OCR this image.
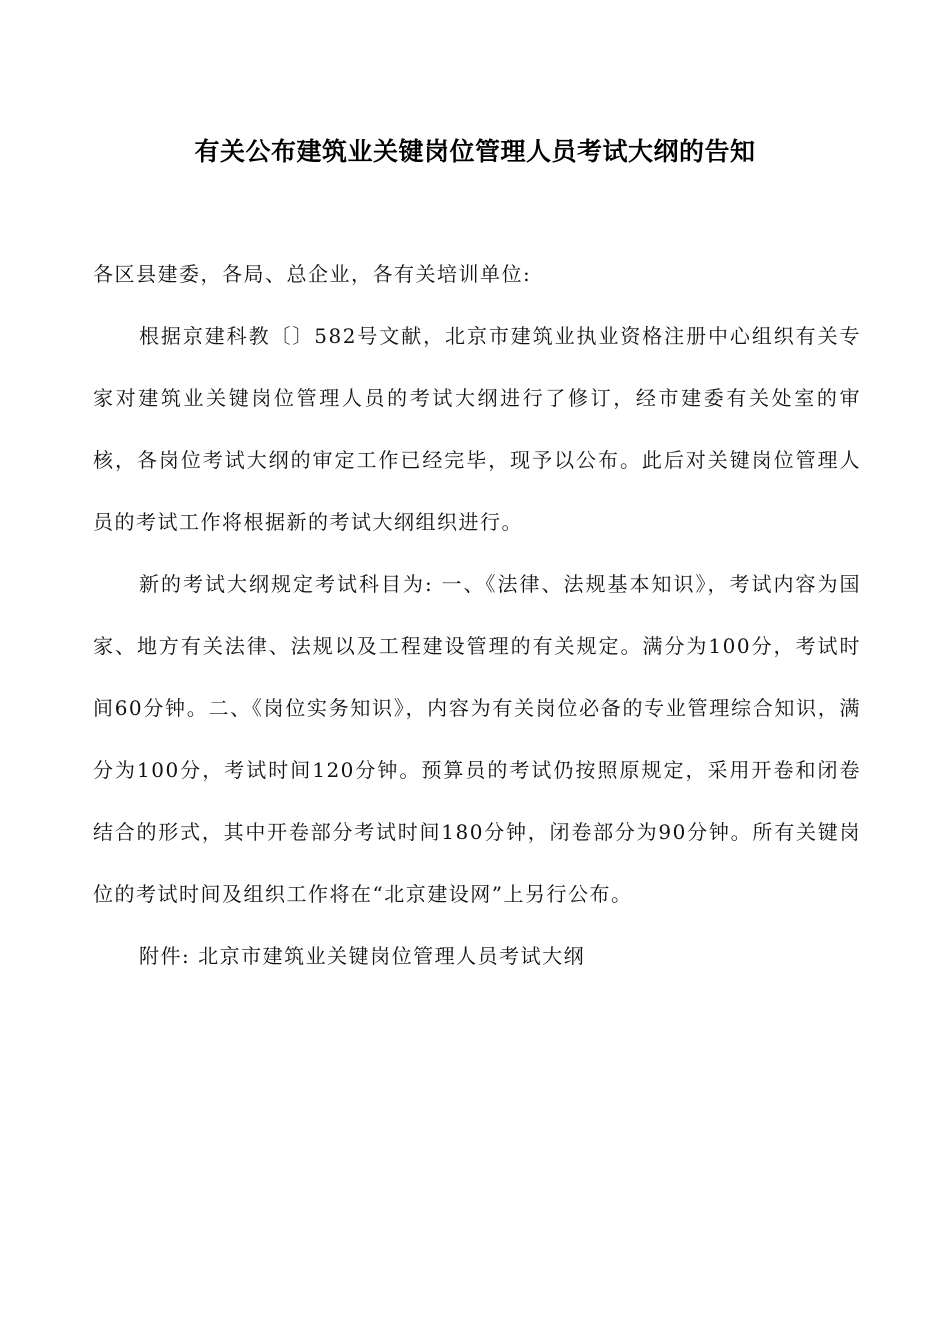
有关公布建筑业关键岗位管理人员考试大纲的告知

各区县建委，各局、总企业，各有关培训单位:

根据京建科教〔〕582号文献，北京市建筑业执业资格注册中心组织有关专家对建筑业关键岗位管理人员的考试大纲进行了修订，经市建委有关处室的审核，各岗位考试大纲的审定工作已经完毕，现予以公布。此后对关键岗位管理人员的考试工作将根据新的考试大纲组织进行。

新的考试大纲规定考试科目为: 一、《法律、法规基本知识》，考试内容为国家、地方有关法律、法规以及工程建设管理的有关规定。满分为100分，考试时间60分钟。二、《岗位实务知识》，内容为有关岗位必备的专业管理综合知识，满分为100分，考试时间120分钟。预算员的考试仍按照原规定，采用开卷和闭卷结合的形式，其中开卷部分考试时间180分钟，闭卷部分为90分钟。所有关键岗位的考试时间及组织工作将在“北京建设网”上另行公布。

附件: 北京市建筑业关键岗位管理人员考试大纲
